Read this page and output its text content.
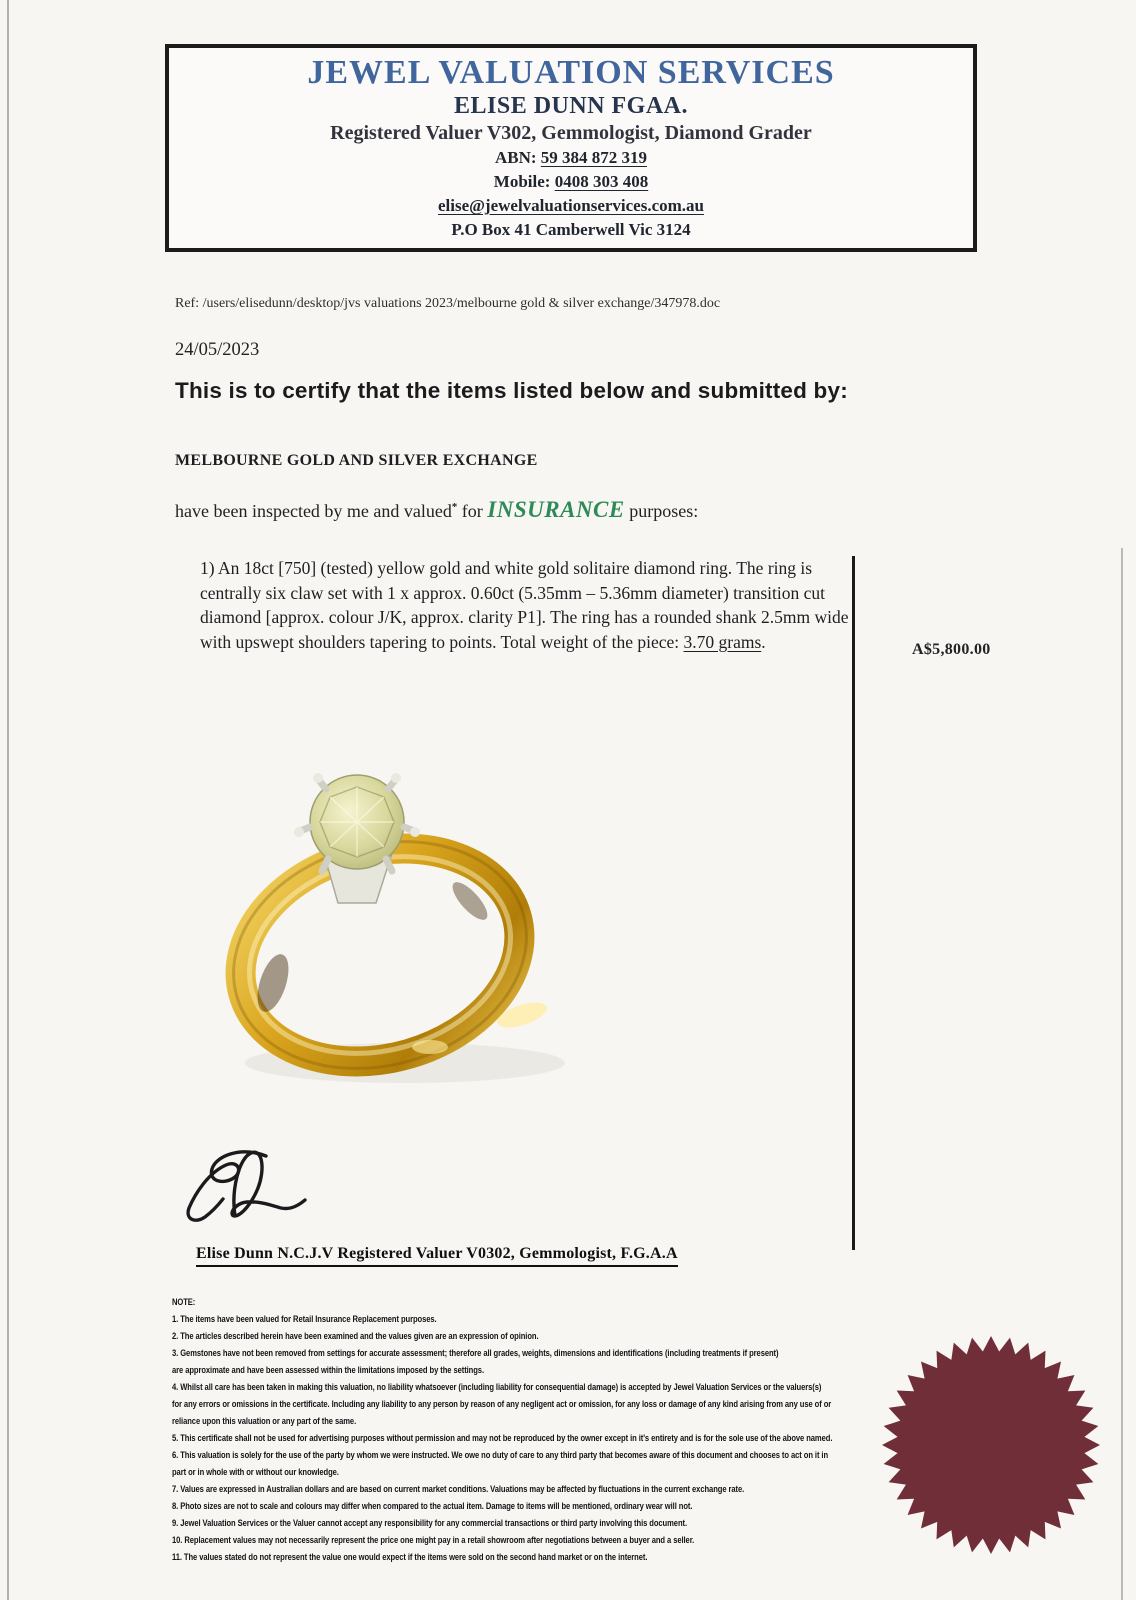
JEWEL VALUATION SERVICES
ELISE DUNN FGAA.
Registered Valuer V302, Gemmologist, Diamond Grader
ABN: 59 384 872 319
Mobile: 0408 303 408
elise@jewelvaluationservices.com.au
P.O Box 41 Camberwell Vic 3124
Ref: /users/elisedunn/desktop/jvs valuations 2023/melbourne gold & silver exchange/347978.doc
24/05/2023
This is to certify that the items listed below and submitted by:
MELBOURNE GOLD AND SILVER EXCHANGE
have been inspected by me and valued* for INSURANCE purposes:
1) An 18ct [750] (tested) yellow gold and white gold solitaire diamond ring. The ring is centrally six claw set with 1 x approx. 0.60ct (5.35mm – 5.36mm diameter) transition cut diamond [approx. colour J/K, approx. clarity P1]. The ring has a rounded shank 2.5mm wide with upswept shoulders tapering to points. Total weight of the piece: 3.70 grams.	A$5,800.00
Elise Dunn N.C.J.V Registered Valuer V0302, Gemmologist, F.G.A.A
NOTE:
1. The items have been valued for Retail Insurance Replacement purposes.
2. The articles described herein have been examined and the values given are an expression of opinion.
3. Gemstones have not been removed from settings for accurate assessment; therefore all grades, weights, dimensions and identifications (including treatments if present)
are approximate and have been assessed within the limitations imposed by the settings.
4. Whilst all care has been taken in making this valuation, no liability whatsoever (including liability for consequential damage) is accepted by Jewel Valuation Services or the valuers(s)
for any errors or omissions in the certificate. Including any liability to any person by reason of any negligent act or omission, for any loss or damage of any kind arising from any use of or
reliance upon this valuation or any part of the same.
5. This certificate shall not be used for advertising purposes without permission and may not be reproduced by the owner except in it's entirety and is for the sole use of the above named.
6. This valuation is solely for the use of the party by whom we were instructed. We owe no duty of care to any third party that becomes aware of this document and chooses to act on it in
part or in whole with or without our knowledge.
7. Values are expressed in Australian dollars and are based on current market conditions. Valuations may be affected by fluctuations in the current exchange rate.
8. Photo sizes are not to scale and colours may differ when compared to the actual item. Damage to items will be mentioned, ordinary wear will not.
9. Jewel Valuation Services or the Valuer cannot accept any responsibility for any commercial transactions or third party involving this document.
10. Replacement values may not necessarily represent the price one might pay in a retail showroom after negotiations between a buyer and a seller.
11. The values stated do not represent the value one would expect if the items were sold on the second hand market or on the internet.
